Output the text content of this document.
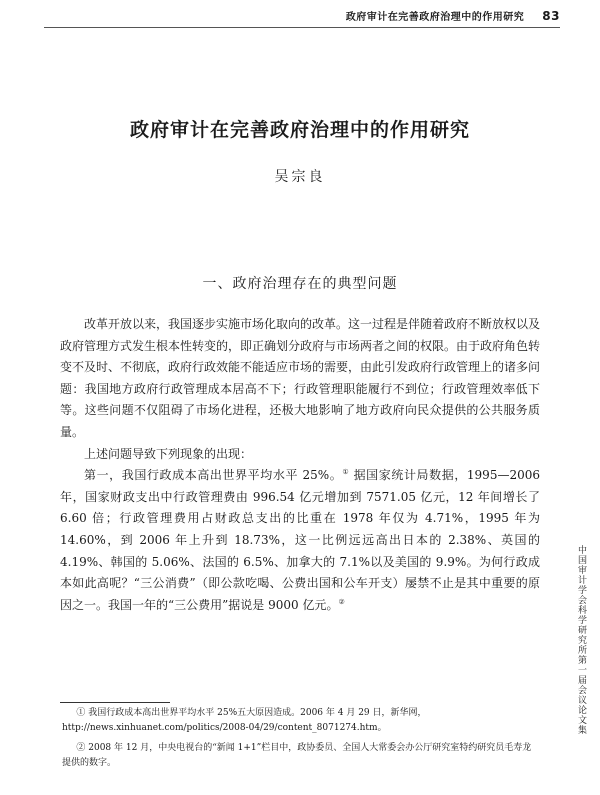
政府审计在完善政府治理中的作用研究 83
政府审计在完善政府治理中的作用研究
吴宗良
一、政府治理存在的典型问题

改革开放以来，我国逐步实施市场化取向的改革。这一过程是伴随着政府不断放权以及政府管理方式发生根本性转变的，即正确划分政府与市场两者之间的权限。由于政府角色转变不及时、不彻底，政府行政效能不能适应市场的需要，由此引发政府行政管理上的诸多问题：我国地方政府行政管理成本居高不下；行政管理职能履行不到位；行政管理效率低下等。这些问题不仅阻碍了市场化进程，还极大地影响了地方政府向民众提供的公共服务质量。

上述问题导致下列现象的出现：

第一，我国行政成本高出世界平均水平 25%。① 据国家统计局数据，1995—2006 年，国家财政支出中行政管理费由 996.54 亿元增加到 7571.05 亿元，12 年间增长了 6.60 倍；行政管理费用占财政总支出的比重在 1978 年仅为 4.71%，1995 年为 14.60%，到 2006 年上升到 18.73%，这一比例远远高出日本的 2.38%、英国的 4.19%、韩国的 5.06%、法国的 6.5%、加拿大的 7.1%以及美国的 9.9%。为何行政成本如此高呢？“三公消费”（即公款吃喝、公费出国和公车开支）屡禁不止是其中重要的原因之一。我国一年的“三公费用”据说是 9000 亿元。②

① 我国行政成本高出世界平均水平 25%五大原因造成。2006 年 4 月 29 日，新华网，http://news.xinhuanet.com/politics/2008-04/29/content_8071274.htm。

② 2008 年 12 月，中央电视台的“新闻 1+1”栏目中，政协委员、全国人大常委会办公厅研究室特约研究员毛寿龙提供的数字。

中国审计学会科学研究所第一届会议论文集
